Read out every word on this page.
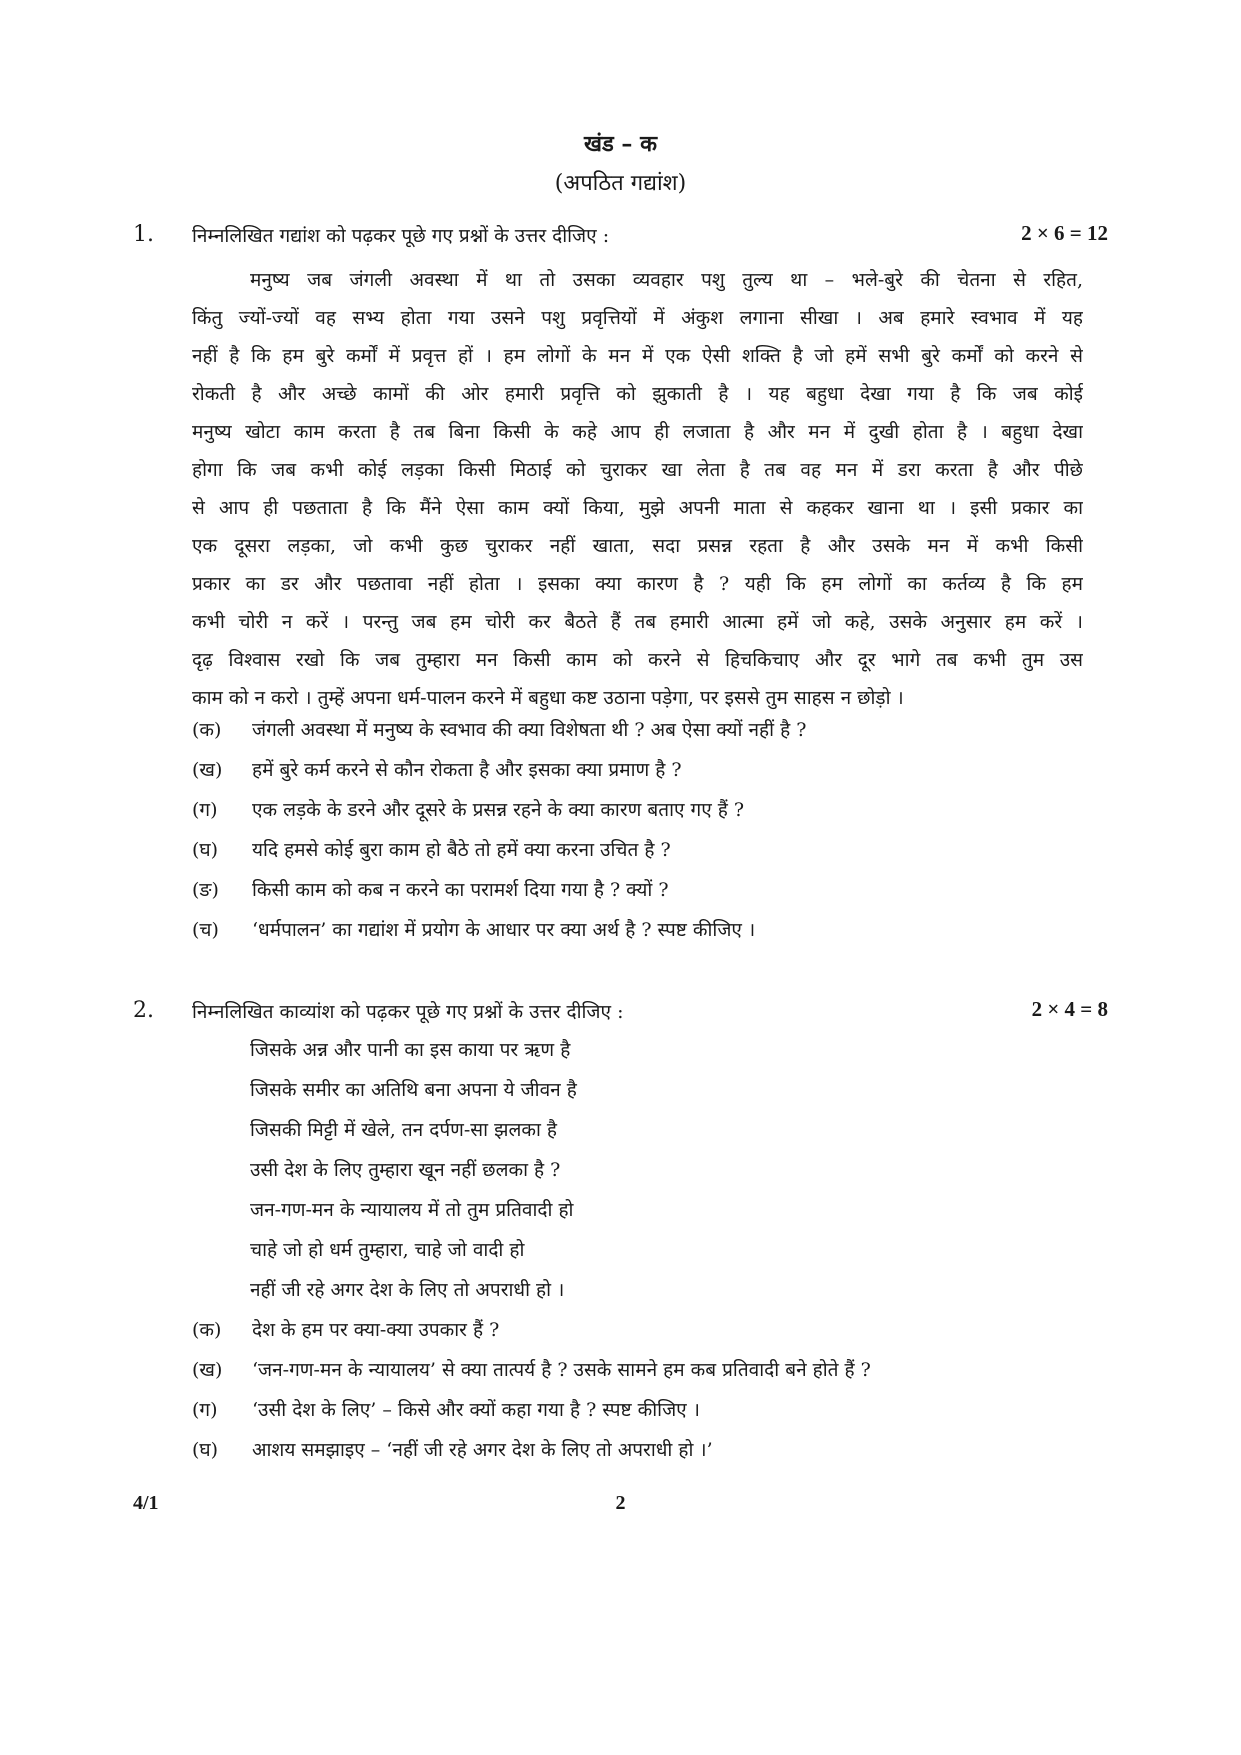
खंड – क
(अपठित गद्यांश)
1. निम्नलिखित गद्यांश को पढ़कर पूछे गए प्रश्नों के उत्तर दीजिए :	2 × 6 = 12
मनुष्य जब जंगली अवस्था में था तो उसका व्यवहार पशु तुल्य था – भले-बुरे की चेतना से रहित,
किंतु ज्यों-ज्यों वह सभ्य होता गया उसने पशु प्रवृत्तियों में अंकुश लगाना सीखा । अब हमारे स्वभाव में यह
नहीं है कि हम बुरे कर्मों में प्रवृत्त हों । हम लोगों के मन में एक ऐसी शक्ति है जो हमें सभी बुरे कर्मों को करने से
रोकती है और अच्छे कामों की ओर हमारी प्रवृत्ति को झुकाती है । यह बहुधा देखा गया है कि जब कोई
मनुष्य खोटा काम करता है तब बिना किसी के कहे आप ही लजाता है और मन में दुखी होता है । बहुधा देखा
होगा कि जब कभी कोई लड़का किसी मिठाई को चुराकर खा लेता है तब वह मन में डरा करता है और पीछे
से आप ही पछताता है कि मैंने ऐसा काम क्यों किया, मुझे अपनी माता से कहकर खाना था । इसी प्रकार का
एक दूसरा लड़का, जो कभी कुछ चुराकर नहीं खाता, सदा प्रसन्न रहता है और उसके मन में कभी किसी
प्रकार का डर और पछतावा नहीं होता । इसका क्या कारण है ? यही कि हम लोगों का कर्तव्य है कि हम
कभी चोरी न करें । परन्तु जब हम चोरी कर बैठते हैं तब हमारी आत्मा हमें जो कहे, उसके अनुसार हम करें ।
दृढ़ विश्वास रखो कि जब तुम्हारा मन किसी काम को करने से हिचकिचाए और दूर भागे तब कभी तुम उस
काम को न करो । तुम्हें अपना धर्म-पालन करने में बहुधा कष्ट उठाना पड़ेगा, पर इससे तुम साहस न छोड़ो ।
(क) जंगली अवस्था में मनुष्य के स्वभाव की क्या विशेषता थी ? अब ऐसा क्यों नहीं है ?
(ख) हमें बुरे कर्म करने से कौन रोकता है और इसका क्या प्रमाण है ?
(ग) एक लड़के के डरने और दूसरे के प्रसन्न रहने के क्या कारण बताए गए हैं ?
(घ) यदि हमसे कोई बुरा काम हो बैठे तो हमें क्या करना उचित है ?
(ङ) किसी काम को कब न करने का परामर्श दिया गया है ? क्यों ?
(च) ‘धर्मपालन’ का गद्यांश में प्रयोग के आधार पर क्या अर्थ है ? स्पष्ट कीजिए ।
2. निम्नलिखित काव्यांश को पढ़कर पूछे गए प्रश्नों के उत्तर दीजिए :	2 × 4 = 8
जिसके अन्न और पानी का इस काया पर ऋण है
जिसके समीर का अतिथि बना अपना ये जीवन है
जिसकी मिट्टी में खेले, तन दर्पण-सा झलका है
उसी देश के लिए तुम्हारा खून नहीं छलका है ?
जन-गण-मन के न्यायालय में तो तुम प्रतिवादी हो
चाहे जो हो धर्म तुम्हारा, चाहे जो वादी हो
नहीं जी रहे अगर देश के लिए तो अपराधी हो ।
(क) देश के हम पर क्या-क्या उपकार हैं ?
(ख) ‘जन-गण-मन के न्यायालय’ से क्या तात्पर्य है ? उसके सामने हम कब प्रतिवादी बने होते हैं ?
(ग) ‘उसी देश के लिए’ – किसे और क्यों कहा गया है ? स्पष्ट कीजिए ।
(घ) आशय समझाइए – ‘नहीं जी रहे अगर देश के लिए तो अपराधी हो ।’
4/1	2
